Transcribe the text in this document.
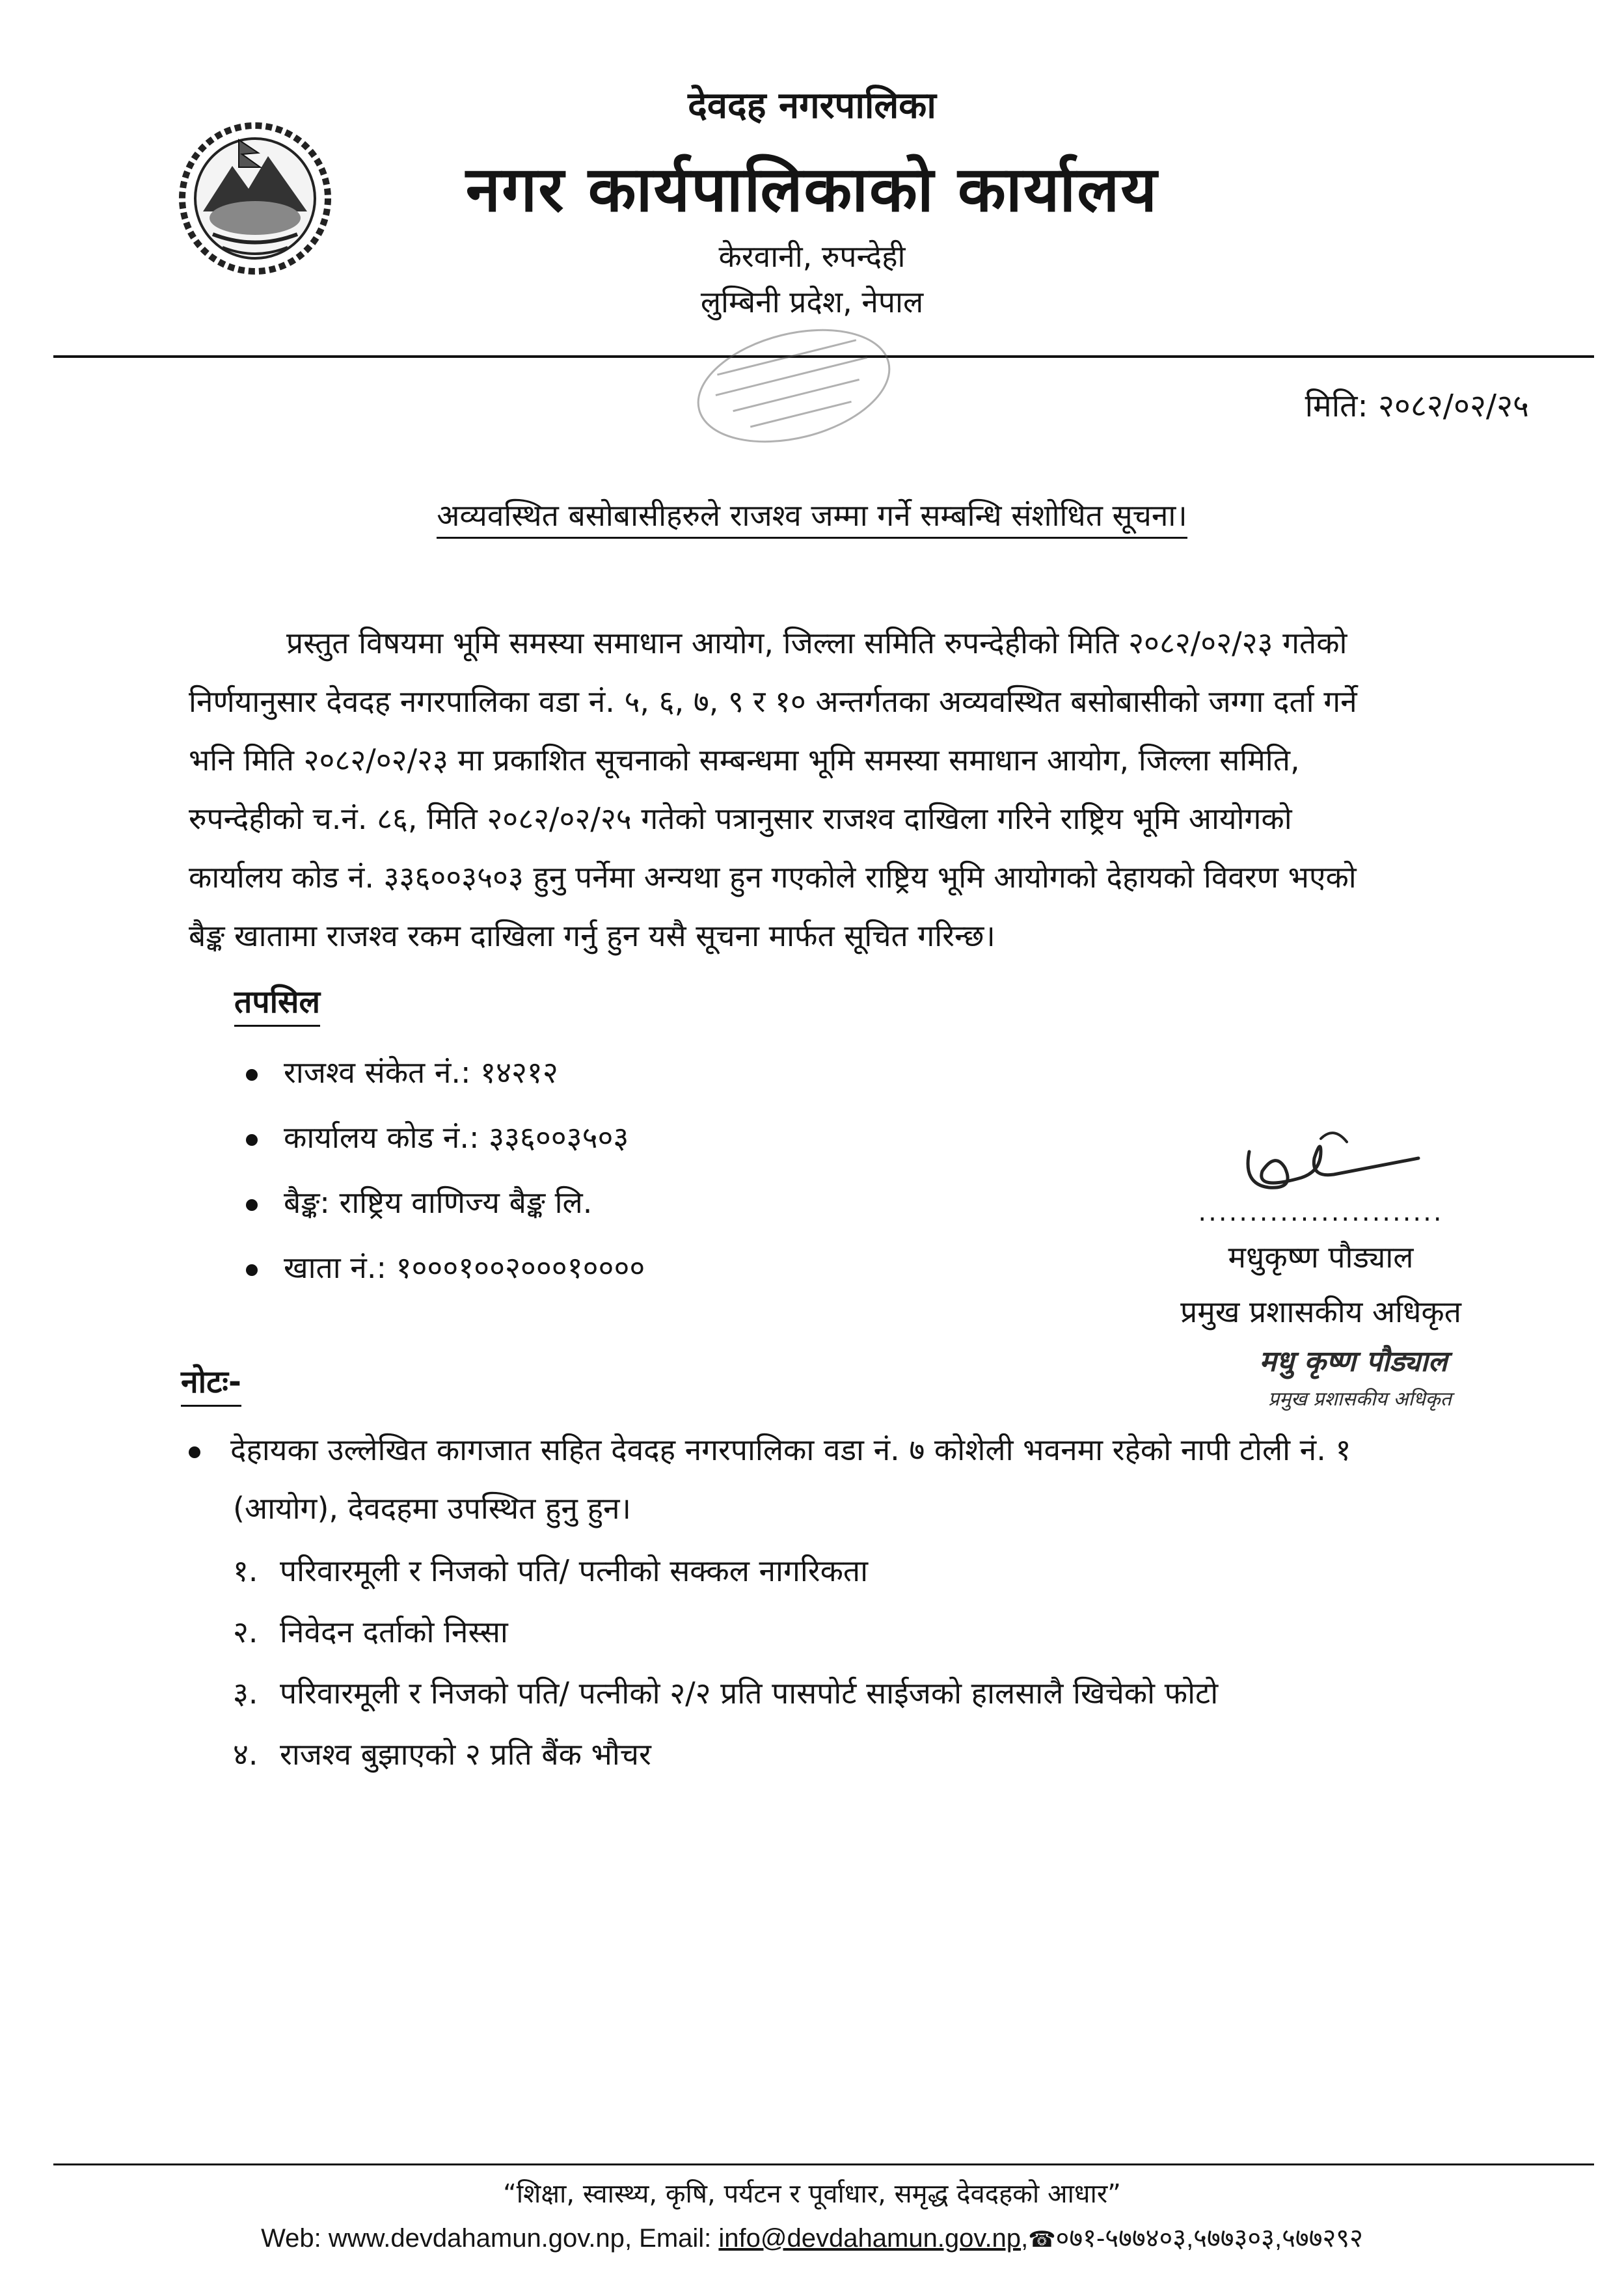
देवदह नगरपालिका
नगर कार्यपालिकाको कार्यालय
केरवानी, रुपन्देही
लुम्बिनी प्रदेश, नेपाल
मिति: २०८२/०२/२५
अव्यवस्थित बसोबासीहरुले राजश्व जम्मा गर्ने सम्बन्धि संशोधित सूचना।
प्रस्तुत विषयमा भूमि समस्या समाधान आयोग, जिल्ला समिति रुपन्देहीको मिति २०८२/०२/२३ गतेको
निर्णयानुसार देवदह नगरपालिका वडा नं. ५, ६, ७, ९ र १० अन्तर्गतका अव्यवस्थित बसोबासीको जग्गा दर्ता गर्ने
भनि मिति २०८२/०२/२३ मा प्रकाशित सूचनाको सम्बन्धमा भूमि समस्या समाधान आयोग, जिल्ला समिति,
रुपन्देहीको च.नं. ८६, मिति २०८२/०२/२५ गतेको पत्रानुसार राजश्व दाखिला गरिने राष्ट्रिय भूमि आयोगको
कार्यालय कोड नं. ३३६००३५०३ हुनु पर्नेमा अन्यथा हुन गएकोले राष्ट्रिय भूमि आयोगको देहायको विवरण भएको
बैङ्क खातामा राजश्व रकम दाखिला गर्नु हुन यसै सूचना मार्फत सूचित गरिन्छ।
तपसिल
राजश्व संकेत नं.: १४२१२
कार्यालय कोड नं.: ३३६००३५०३
बैङ्क: राष्ट्रिय वाणिज्य बैङ्क लि.
खाता नं.: १०००१००२०००१००००
........................
मधुकृष्ण पौड्याल
प्रमुख प्रशासकीय अधिकृत
मधु कृष्ण पौड्याल
प्रमुख प्रशासकीय अधिकृत
नोटः-
देहायका उल्लेखित कागजात सहित देवदह नगरपालिका वडा नं. ७ कोशेली भवनमा रहेको नापी टोली नं. १
(आयोग), देवदहमा उपस्थित हुनु हुन।
१. परिवारमूली र निजको पति/ पत्नीको सक्कल नागरिकता
२. निवेदन दर्ताको निस्सा
३. परिवारमूली र निजको पति/ पत्नीको २/२ प्रति पासपोर्ट साईजको हालसालै खिचेको फोटो
४. राजश्व बुझाएको २ प्रति बैंक भौचर
“शिक्षा, स्वास्थ्य, कृषि, पर्यटन र पूर्वाधार, समृद्ध देवदहको आधार”
Web: www.devdahamun.gov.np, Email: info@devdahamun.gov.np,☎०७१-५७७४०३,५७७३०३,५७७२९२
